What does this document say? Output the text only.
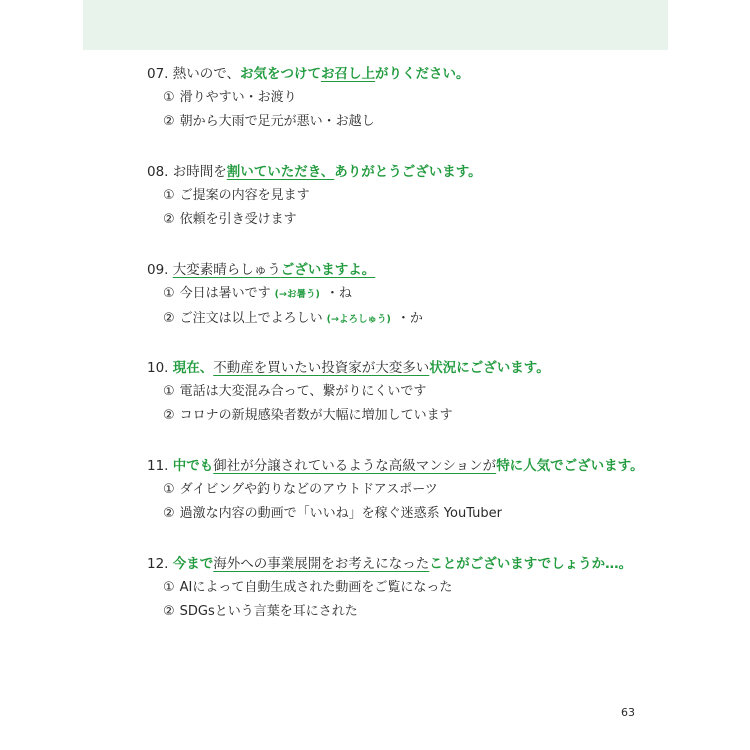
07. 熱いので、お気をつけてお召し上がりください。
① 滑りやすい・お渡り
② 朝から大雨で足元が悪い・お越し
08. お時間を割いていただき、ありがとうございます。
① ご提案の内容を見ます
② 依頼を引き受けます
09. 大変素晴らしゅうございますよ。
① 今日は暑いです (→お暑う) ・ね
② ご注文は以上でよろしい (→よろしゅう) ・か
10. 現在、不動産を買いたい投資家が大変多い状況にございます。
① 電話は大変混み合って、繋がりにくいです
② コロナの新規感染者数が大幅に増加しています
11. 中でも御社が分譲されているような高級マンションが特に人気でございます。
① ダイビングや釣りなどのアウトドアスポーツ
② 過激な内容の動画で「いいね」を稼ぐ迷惑系 YouTuber
12. 今まで海外への事業展開をお考えになったことがございますでしょうか…。
① AIによって自動生成された動画をご覧になった
② SDGsという言葉を耳にされた
63
